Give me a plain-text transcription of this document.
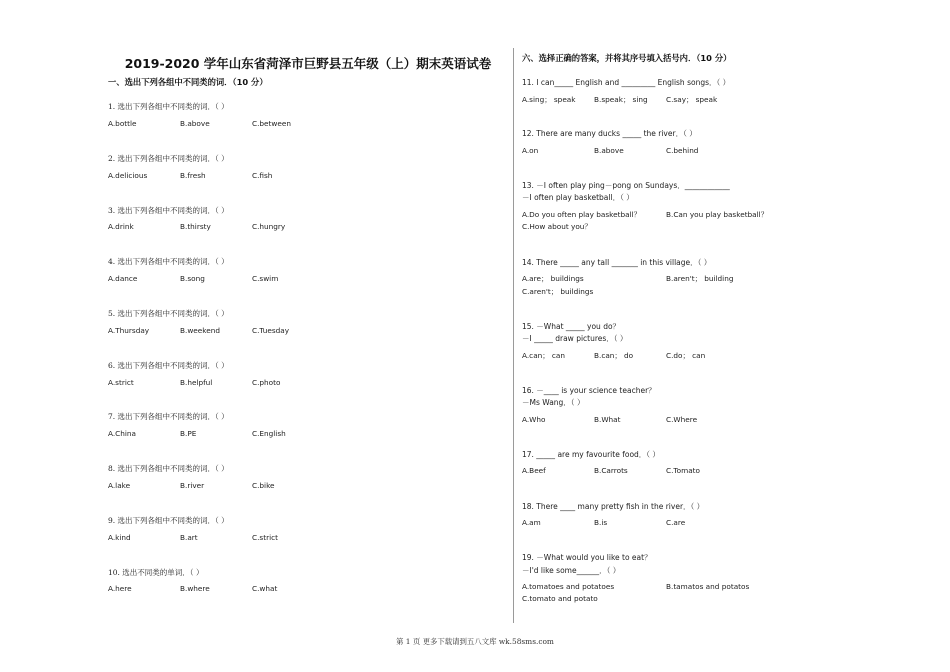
2019-2020 学年山东省菏泽市巨野县五年级（上）期末英语试卷
一、选出下列各组中不同类的词．（10 分）
六、选择正确的答案，并将其序号填入括号内．（10 分）
1. 选出下列各组中不同类的词．（ ）
A.bottle	B.above	C.between
2. 选出下列各组中不同类的词．（ ）
A.delicious	B.fresh	C.fish
3. 选出下列各组中不同类的词．（ ）
A.drink	B.thirsty	C.hungry
4. 选出下列各组中不同类的词．（ ）
A.dance	B.song	C.swim
5. 选出下列各组中不同类的词．（ ）
A.Thursday	B.weekend	C.Tuesday
6. 选出下列各组中不同类的词．（ ）
A.strict	B.helpful	C.photo
7. 选出下列各组中不同类的词．（ ）
A.China	B.PE	C.English
8. 选出下列各组中不同类的词．（ ）
A.lake	B.river	C.bike
9. 选出下列各组中不同类的词．（ ）
A.kind	B.art	C.strict
10. 选出不同类的单词．（ ）
A.here	B.where	C.what
11. I can_____ English and _________ English songs．（ ）
A.sing； speak	B.speak； sing	C.say； speak
12. There are many ducks _____ the river．（ ）
A.on	B.above	C.behind
13. －I often play ping－pong on Sundays．____________
－I often play basketball．（ ）
A.Do you often play basketball？	B.Can you play basketball？
C.How about you？
14. There _____ any tall _______ in this village．（ ）
A.are； buildings	B.aren't； building
C.aren't； buildings
15. －What _____ you do？
－I _____ draw pictures．（ ）
A.can； can	B.can； do	C.do； can
16. －____ is your science teacher？
－Ms Wang．（ ）
A.Who	B.What	C.Where
17. _____ are my favourite food．（ ）
A.Beef	B.Carrots	C.Tomato
18. There ____ many pretty fish in the river．（ ）
A.am	B.is	C.are
19. －What would you like to eat？
－I'd like some______．（ ）
A.tomatoes and potatoes	B.tamatos and potatos
C.tomato and potato
第 1 页 更多下载请到五八文库 wk.58sms.com
